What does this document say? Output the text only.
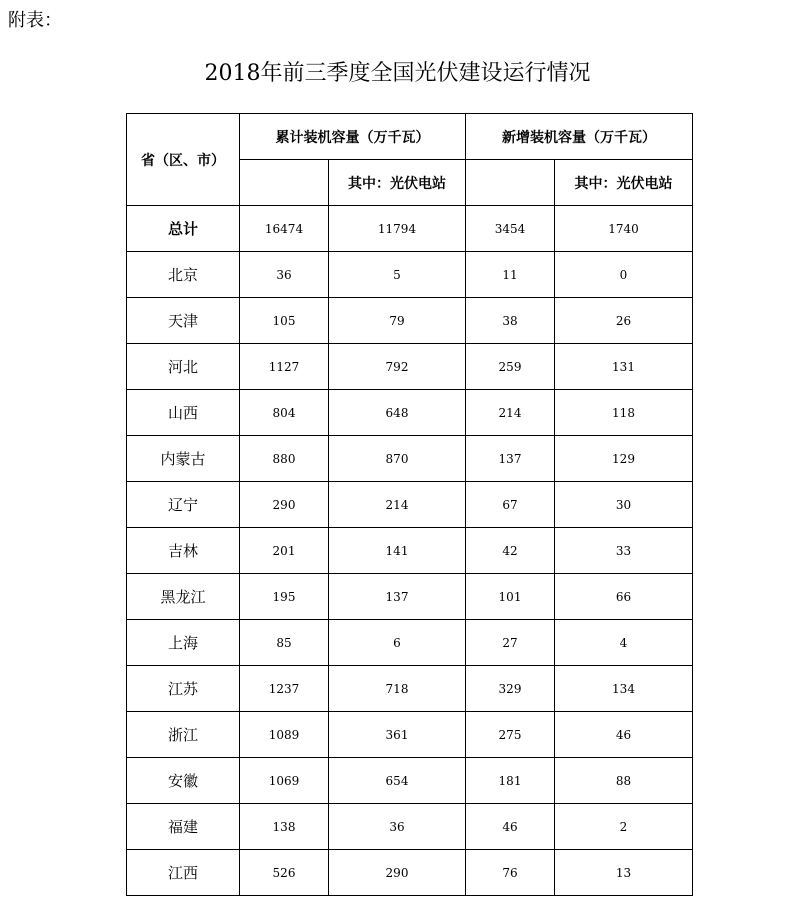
附表：
2018年前三季度全国光伏建设运行情况
省（区、市）	累计装机容量（万千瓦）		新增装机容量（万千瓦）	
		其中：光伏电站		其中：光伏电站
总计	16474	11794	3454	1740
北京	36	5	11	0
天津	105	79	38	26
河北	1127	792	259	131
山西	804	648	214	118
内蒙古	880	870	137	129
辽宁	290	214	67	30
吉林	201	141	42	33
黑龙江	195	137	101	66
上海	85	6	27	4
江苏	1237	718	329	134
浙江	1089	361	275	46
安徽	1069	654	181	88
福建	138	36	46	2
江西	526	290	76	13
